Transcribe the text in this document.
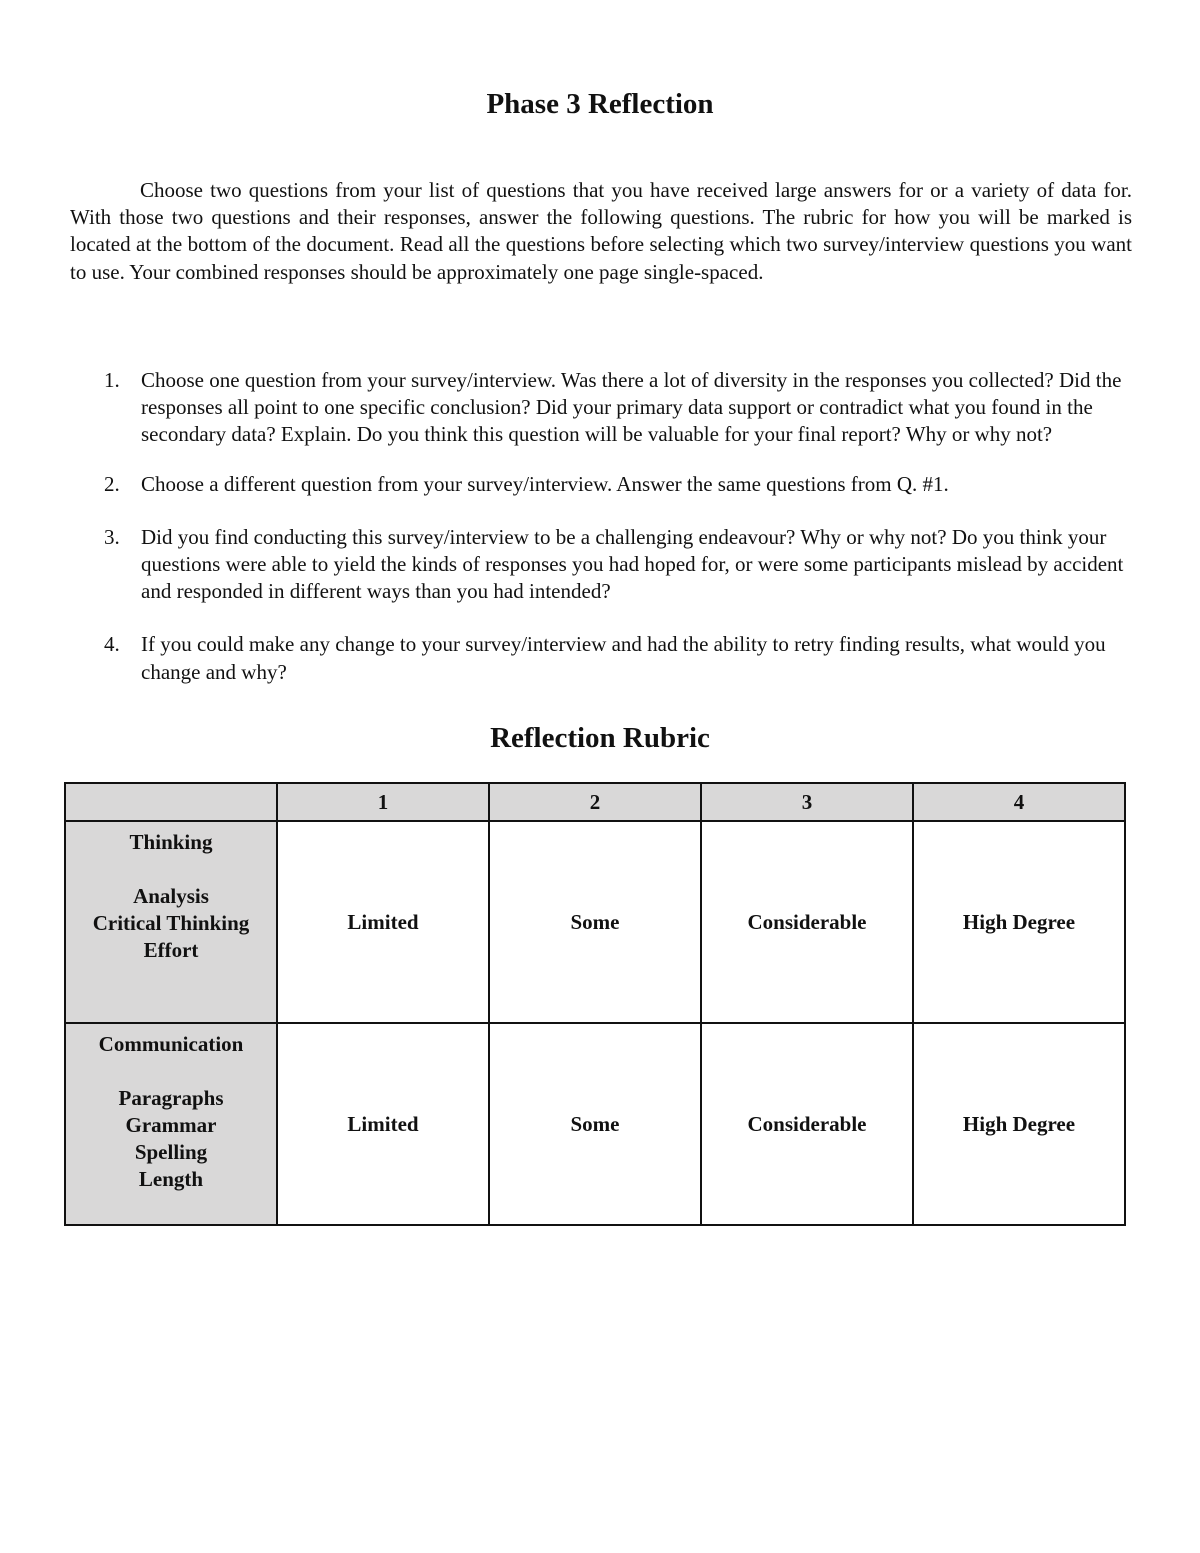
Phase 3 Reflection

Choose two questions from your list of questions that you have received large answers for or a variety of data for. With those two questions and their responses, answer the following questions. The rubric for how you will be marked is located at the bottom of the document. Read all the questions before selecting which two survey/interview questions you want to use. Your combined responses should be approximately one page single-spaced.

1. Choose one question from your survey/interview. Was there a lot of diversity in the responses you collected? Did the responses all point to one specific conclusion? Did your primary data support or contradict what you found in the secondary data? Explain. Do you think this question will be valuable for your final report? Why or why not?
2. Choose a different question from your survey/interview. Answer the same questions from Q. #1.
3. Did you find conducting this survey/interview to be a challenging endeavour? Why or why not? Do you think your questions were able to yield the kinds of responses you had hoped for, or were some participants mislead by accident and responded in different ways than you had intended?
4. If you could make any change to your survey/interview and had the ability to retry finding results, what would you change and why?
Reflection Rubric
	1	2	3	4

Thinking
Analysis
Critical Thinking
Effort	Limited	Some	Considerable	High Degree

Communication
Paragraphs
Grammar
Spelling
Length	Limited	Some	Considerable	High Degree
